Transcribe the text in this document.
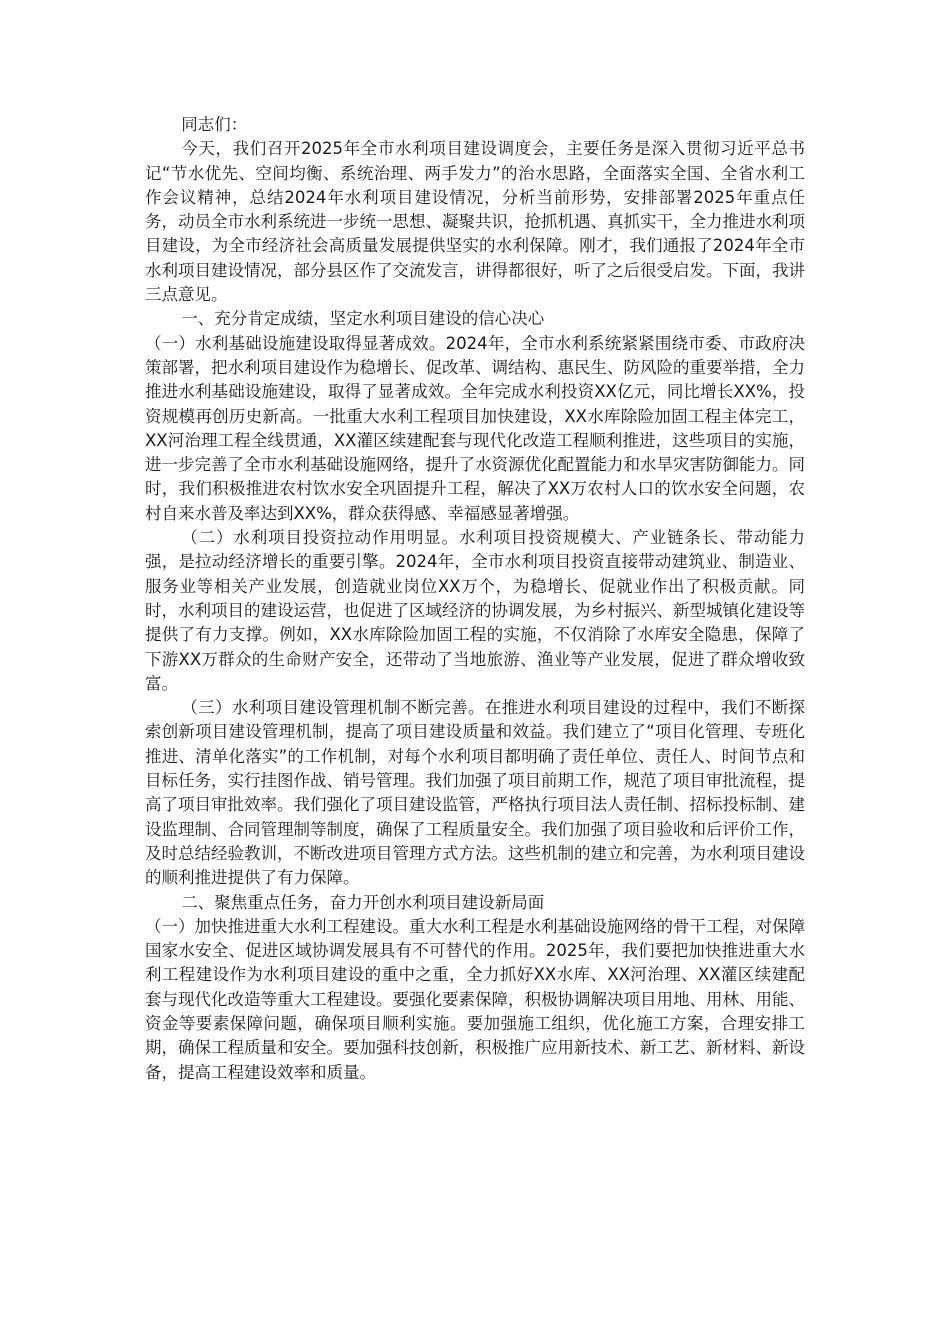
同志们：

今天，我们召开2025年全市水利项目建设调度会，主要任务是深入贯彻习近平总书记“节水优先、空间均衡、系统治理、两手发力”的治水思路，全面落实全国、全省水利工作会议精神，总结2024年水利项目建设情况，分析当前形势，安排部署2025年重点任务，动员全市水利系统进一步统一思想、凝聚共识，抢抓机遇、真抓实干，全力推进水利项目建设，为全市经济社会高质量发展提供坚实的水利保障。刚才，我们通报了2024年全市水利项目建设情况，部分县区作了交流发言，讲得都很好，听了之后很受启发。下面，我讲三点意见。

一、充分肯定成绩，坚定水利项目建设的信心决心

（一）水利基础设施建设取得显著成效。2024年，全市水利系统紧紧围绕市委、市政府决策部署，把水利项目建设作为稳增长、促改革、调结构、惠民生、防风险的重要举措，全力推进水利基础设施建设，取得了显著成效。全年完成水利投资XX亿元，同比增长XX%，投资规模再创历史新高。一批重大水利工程项目加快建设，XX水库除险加固工程主体完工，XX河治理工程全线贯通，XX灌区续建配套与现代化改造工程顺利推进，这些项目的实施，进一步完善了全市水利基础设施网络，提升了水资源优化配置能力和水旱灾害防御能力。同时，我们积极推进农村饮水安全巩固提升工程，解决了XX万农村人口的饮水安全问题，农村自来水普及率达到XX%，群众获得感、幸福感显著增强。

（二）水利项目投资拉动作用明显。水利项目投资规模大、产业链条长、带动能力强，是拉动经济增长的重要引擎。2024年，全市水利项目投资直接带动建筑业、制造业、服务业等相关产业发展，创造就业岗位XX万个，为稳增长、促就业作出了积极贡献。同时，水利项目的建设运营，也促进了区域经济的协调发展，为乡村振兴、新型城镇化建设等提供了有力支撑。例如，XX水库除险加固工程的实施，不仅消除了水库安全隐患，保障了下游XX万群众的生命财产安全，还带动了当地旅游、渔业等产业发展，促进了群众增收致富。

（三）水利项目建设管理机制不断完善。在推进水利项目建设的过程中，我们不断探索创新项目建设管理机制，提高了项目建设质量和效益。我们建立了“项目化管理、专班化推进、清单化落实”的工作机制，对每个水利项目都明确了责任单位、责任人、时间节点和目标任务，实行挂图作战、销号管理。我们加强了项目前期工作，规范了项目审批流程，提高了项目审批效率。我们强化了项目建设监管，严格执行项目法人责任制、招标投标制、建设监理制、合同管理制等制度，确保了工程质量安全。我们加强了项目验收和后评价工作，及时总结经验教训，不断改进项目管理方式方法。这些机制的建立和完善，为水利项目建设的顺利推进提供了有力保障。

二、聚焦重点任务，奋力开创水利项目建设新局面

（一）加快推进重大水利工程建设。重大水利工程是水利基础设施网络的骨干工程，对保障国家水安全、促进区域协调发展具有不可替代的作用。2025年，我们要把加快推进重大水利工程建设作为水利项目建设的重中之重，全力抓好XX水库、XX河治理、XX灌区续建配套与现代化改造等重大工程建设。要强化要素保障，积极协调解决项目用地、用林、用能、资金等要素保障问题，确保项目顺利实施。要加强施工组织，优化施工方案，合理安排工期，确保工程质量和安全。要加强科技创新，积极推广应用新技术、新工艺、新材料、新设备，提高工程建设效率和质量。
